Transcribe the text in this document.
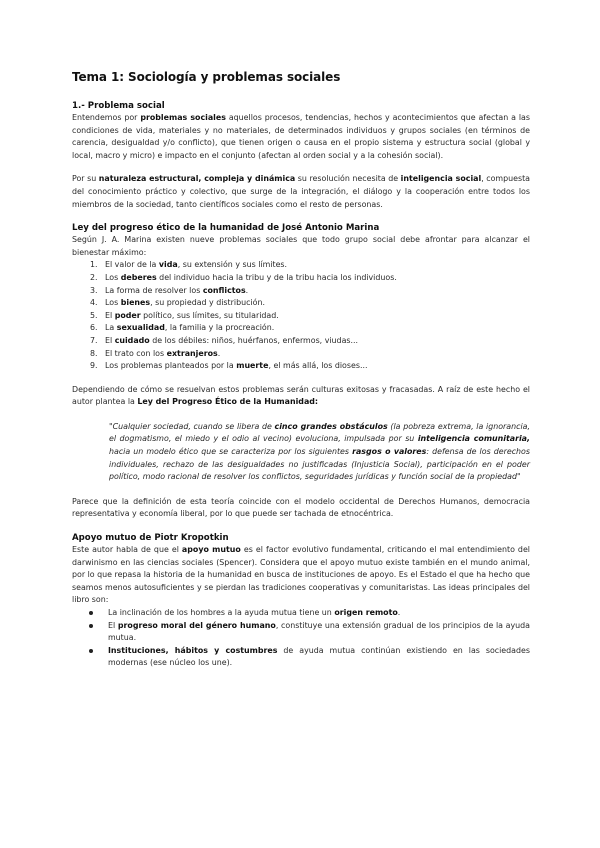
Tema 1: Sociología y problemas sociales
1.- Problema social

Entendemos por problemas sociales aquellos procesos, tendencias, hechos y acontecimientos que afectan a las condiciones de vida, materiales y no materiales, de determinados individuos y grupos sociales (en términos de carencia, desigualdad y/o conflicto), que tienen origen o causa en el propio sistema y estructura social (global y local, macro y micro) e impacto en el conjunto (afectan al orden social y a la cohesión social).

Por su naturaleza estructural, compleja y dinámica su resolución necesita de inteligencia social, compuesta del conocimiento práctico y colectivo, que surge de la integración, el diálogo y la cooperación entre todos los miembros de la sociedad, tanto científicos sociales como el resto de personas.

Ley del progreso ético de la humanidad de José Antonio Marina

Según J. A. Marina existen nueve problemas sociales que todo grupo social debe afrontar para alcanzar el bienestar máximo:

1. El valor de la vida, su extensión y sus límites.
2. Los deberes del individuo hacia la tribu y de la tribu hacia los individuos.
3. La forma de resolver los conflictos.
4. Los bienes, su propiedad y distribución.
5. El poder político, sus límites, su titularidad.
6. La sexualidad, la familia y la procreación.
7. El cuidado de los débiles: niños, huérfanos, enfermos, viudas...
8. El trato con los extranjeros.
9. Los problemas planteados por la muerte, el más allá, los dioses...

Dependiendo de cómo se resuelvan estos problemas serán culturas exitosas y fracasadas. A raíz de este hecho el autor plantea la Ley del Progreso Ético de la Humanidad:

"Cualquier sociedad, cuando se libera de cinco grandes obstáculos (la pobreza extrema, la ignorancia, el dogmatismo, el miedo y el odio al vecino) evoluciona, impulsada por su inteligencia comunitaria, hacia un modelo ético que se caracteriza por los siguientes rasgos o valores: defensa de los derechos individuales, rechazo de las desigualdades no justificadas (Injusticia Social), participación en el poder político, modo racional de resolver los conflictos, seguridades jurídicas y función social de la propiedad"

Parece que la definición de esta teoría coincide con el modelo occidental de Derechos Humanos, democracia representativa y economía liberal, por lo que puede ser tachada de etnocéntrica.

Apoyo mutuo de Piotr Kropotkin

Este autor habla de que el apoyo mutuo es el factor evolutivo fundamental, criticando el mal entendimiento del darwinismo en las ciencias sociales (Spencer). Considera que el apoyo mutuo existe también en el mundo animal, por lo que repasa la historia de la humanidad en busca de instituciones de apoyo. Es el Estado el que ha hecho que seamos menos autosuficientes y se pierdan las tradiciones cooperativas y comunitaristas. Las ideas principales del libro son:

La inclinación de los hombres a la ayuda mutua tiene un origen remoto.
El progreso moral del género humano, constituye una extensión gradual de los principios de la ayuda mutua.
Instituciones, hábitos y costumbres de ayuda mutua continúan existiendo en las sociedades modernas (ese núcleo los une).
